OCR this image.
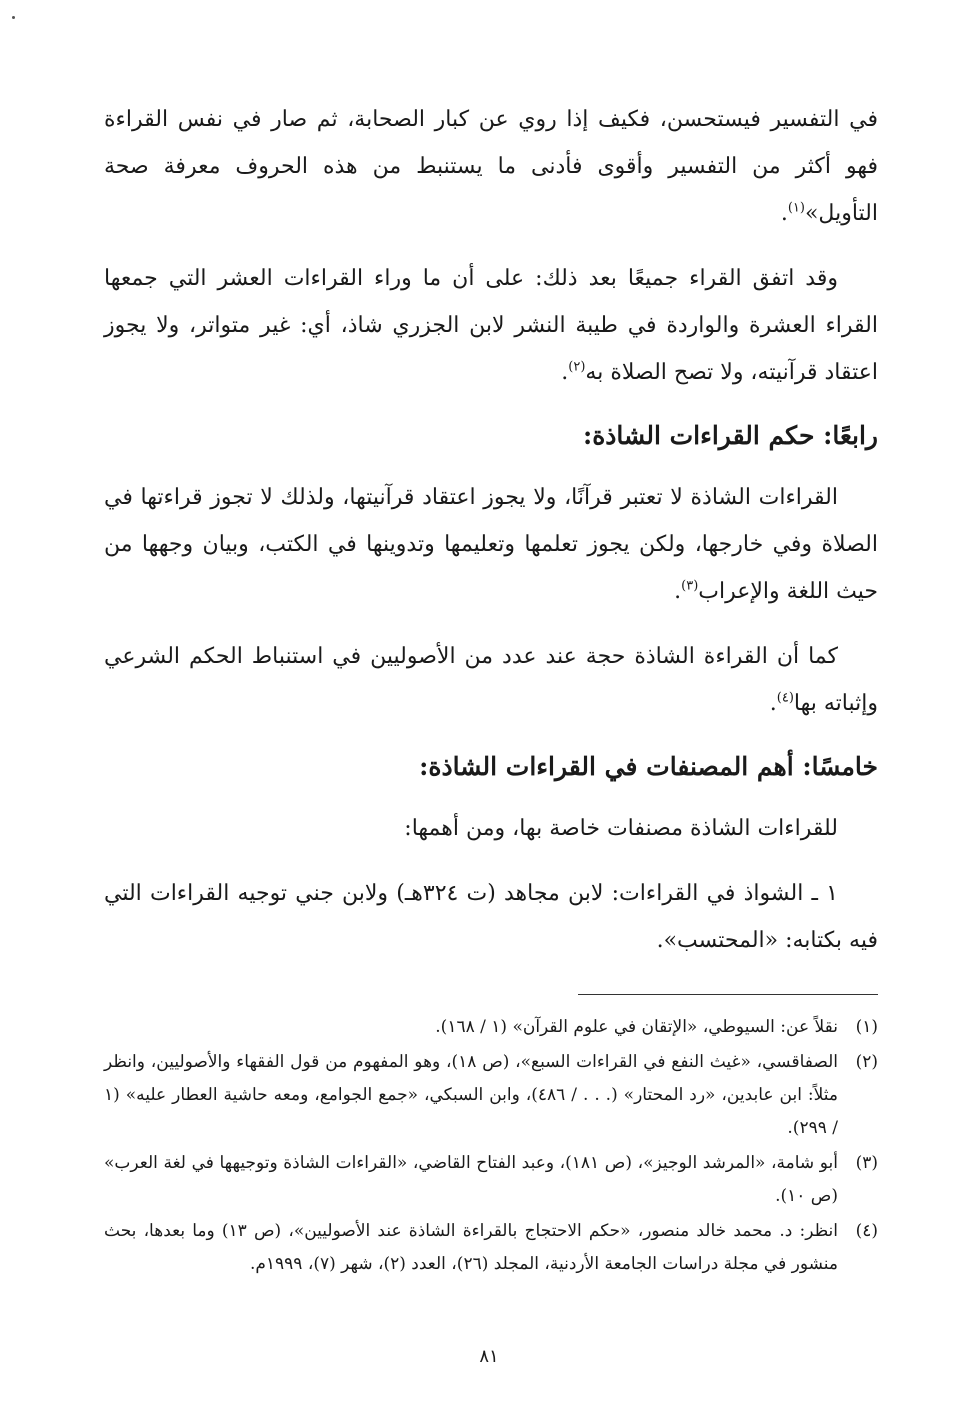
في التفسير فيستحسن، فكيف إذا روي عن كبار الصحابة، ثم صار في نفس القراءة فهو أكثر من التفسير وأقوى فأدنى ما يستنبط من هذه الحروف معرفة صحة التأويل»$^{(١)}$.

وقد اتفق القراء جميعًا بعد ذلك: على أن ما وراء القراءات العشر التي جمعها القراء العشرة والواردة في طيبة النشر لابن الجزري شاذ، أي: غير متواتر، ولا يجوز اعتقاد قرآنيته، ولا تصح الصلاة به$^{(٢)}$.

رابعًا: حكم القراءات الشاذة:

القراءات الشاذة لا تعتبر قرآنًا، ولا يجوز اعتقاد قرآنيتها، ولذلك لا تجوز قراءتها في الصلاة وفي خارجها، ولكن يجوز تعلمها وتعليمها وتدوينها في الكتب، وبيان وجهها من حيث اللغة والإعراب$^{(٣)}$.

كما أن القراءة الشاذة حجة عند عدد من الأصوليين في استنباط الحكم الشرعي وإثباته بها$^{(٤)}$.

خامسًا: أهم المصنفات في القراءات الشاذة:

للقراءات الشاذة مصنفات خاصة بها، ومن أهمها:

١ ـ الشواذ في القراءات: لابن مجاهد (ت ٣٢٤هـ) ولابن جني توجيه القراءات التي فيه بكتابه: «المحتسب».

(١)
نقلاً عن: السيوطي، «الإتقان في علوم القرآن» (١ / ١٦٨).
(٢)
الصفاقسي، «غيث النفع في القراءات السبع»، (ص ١٨)، وهو المفهوم من قول الفقهاء والأصوليين، وانظر مثلاً: ابن عابدين، «رد المحتار» (. . . / ٤٨٦)، وابن السبكي، «جمع الجوامع، ومعه حاشية العطار عليه» (١ / ٢٩٩).
(٣)
أبو شامة، «المرشد الوجيز»، (ص ١٨١)، وعبد الفتاح القاضي، «القراءات الشاذة وتوجيهها في لغة العرب» (ص ١٠).
(٤)
انظر: د. محمد خالد منصور، «حكم الاحتجاج بالقراءة الشاذة عند الأصوليين»، (ص ١٣) وما بعدها، بحث منشور في مجلة دراسات الجامعة الأردنية، المجلد (٢٦)، العدد (٢)، شهر (٧)، ١٩٩٩م.
٨١
